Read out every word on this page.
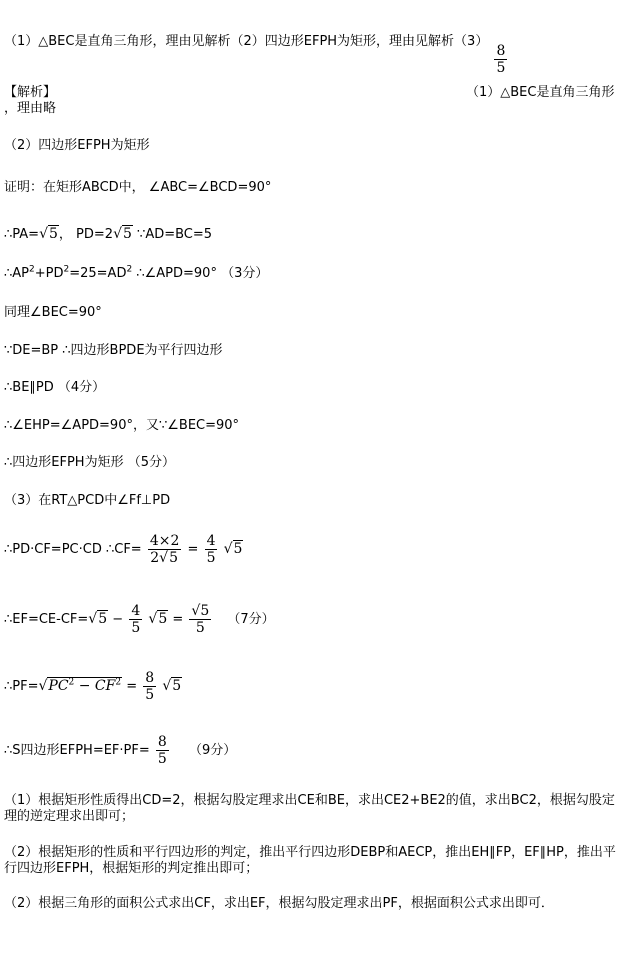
（1）△BEC是直角三角形，理由见解析（2）四边形EFPH为矩形，理由见解析（3）
$\frac{8}{5}$
【解析】	（1）△BEC是直角三角形
，理由略
（2）四边形EFPH为矩形
证明：在矩形ABCD中， ∠ABC=∠BCD=90°
∴PA=√5， PD=2√5 ∵AD=BC=5
$\therefore AP^2+PD^2=25=AD^2$ ∴∠APD=90° （3分）
同理∠BEC=90°
∵DE=BP ∴四边形BPDE为平行四边形
∴BE∥PD （4分）
∴∠EHP=∠APD=90°，又∵∠BEC=90°
∴四边形EFPH为矩形 （5分）
（3）在RT△PCD中∠Ff⊥PD
∴PD·CF=PC·CD ∴CF= $\frac{4\times 2}{2√5} = \frac{4}{5} √5$
∴EF=CE-CF=√5 − $\frac{4}{5} √5 = \frac{√5}{5} (7$分）
$\therefore PF=√PC^2 - CF^2 = \frac{8}{5} √5$
∴S四边形EFPH=EF·PF= $\frac{8}{5} (9$分）
（1）根据矩形性质得出CD=2，根据勾股定理求出CE和BE，求出CE2+BE2的值，求出BC2，根据勾股定理的逆定理求出即可；
（2）根据矩形的性质和平行四边形的判定，推出平行四边形DEBP和AECP，推出EH∥FP，EF∥HP，推出平行四边形EFPH，根据矩形的判定推出即可；
（2）根据三角形的面积公式求出CF，求出EF，根据勾股定理求出PF，根据面积公式求出即可．
